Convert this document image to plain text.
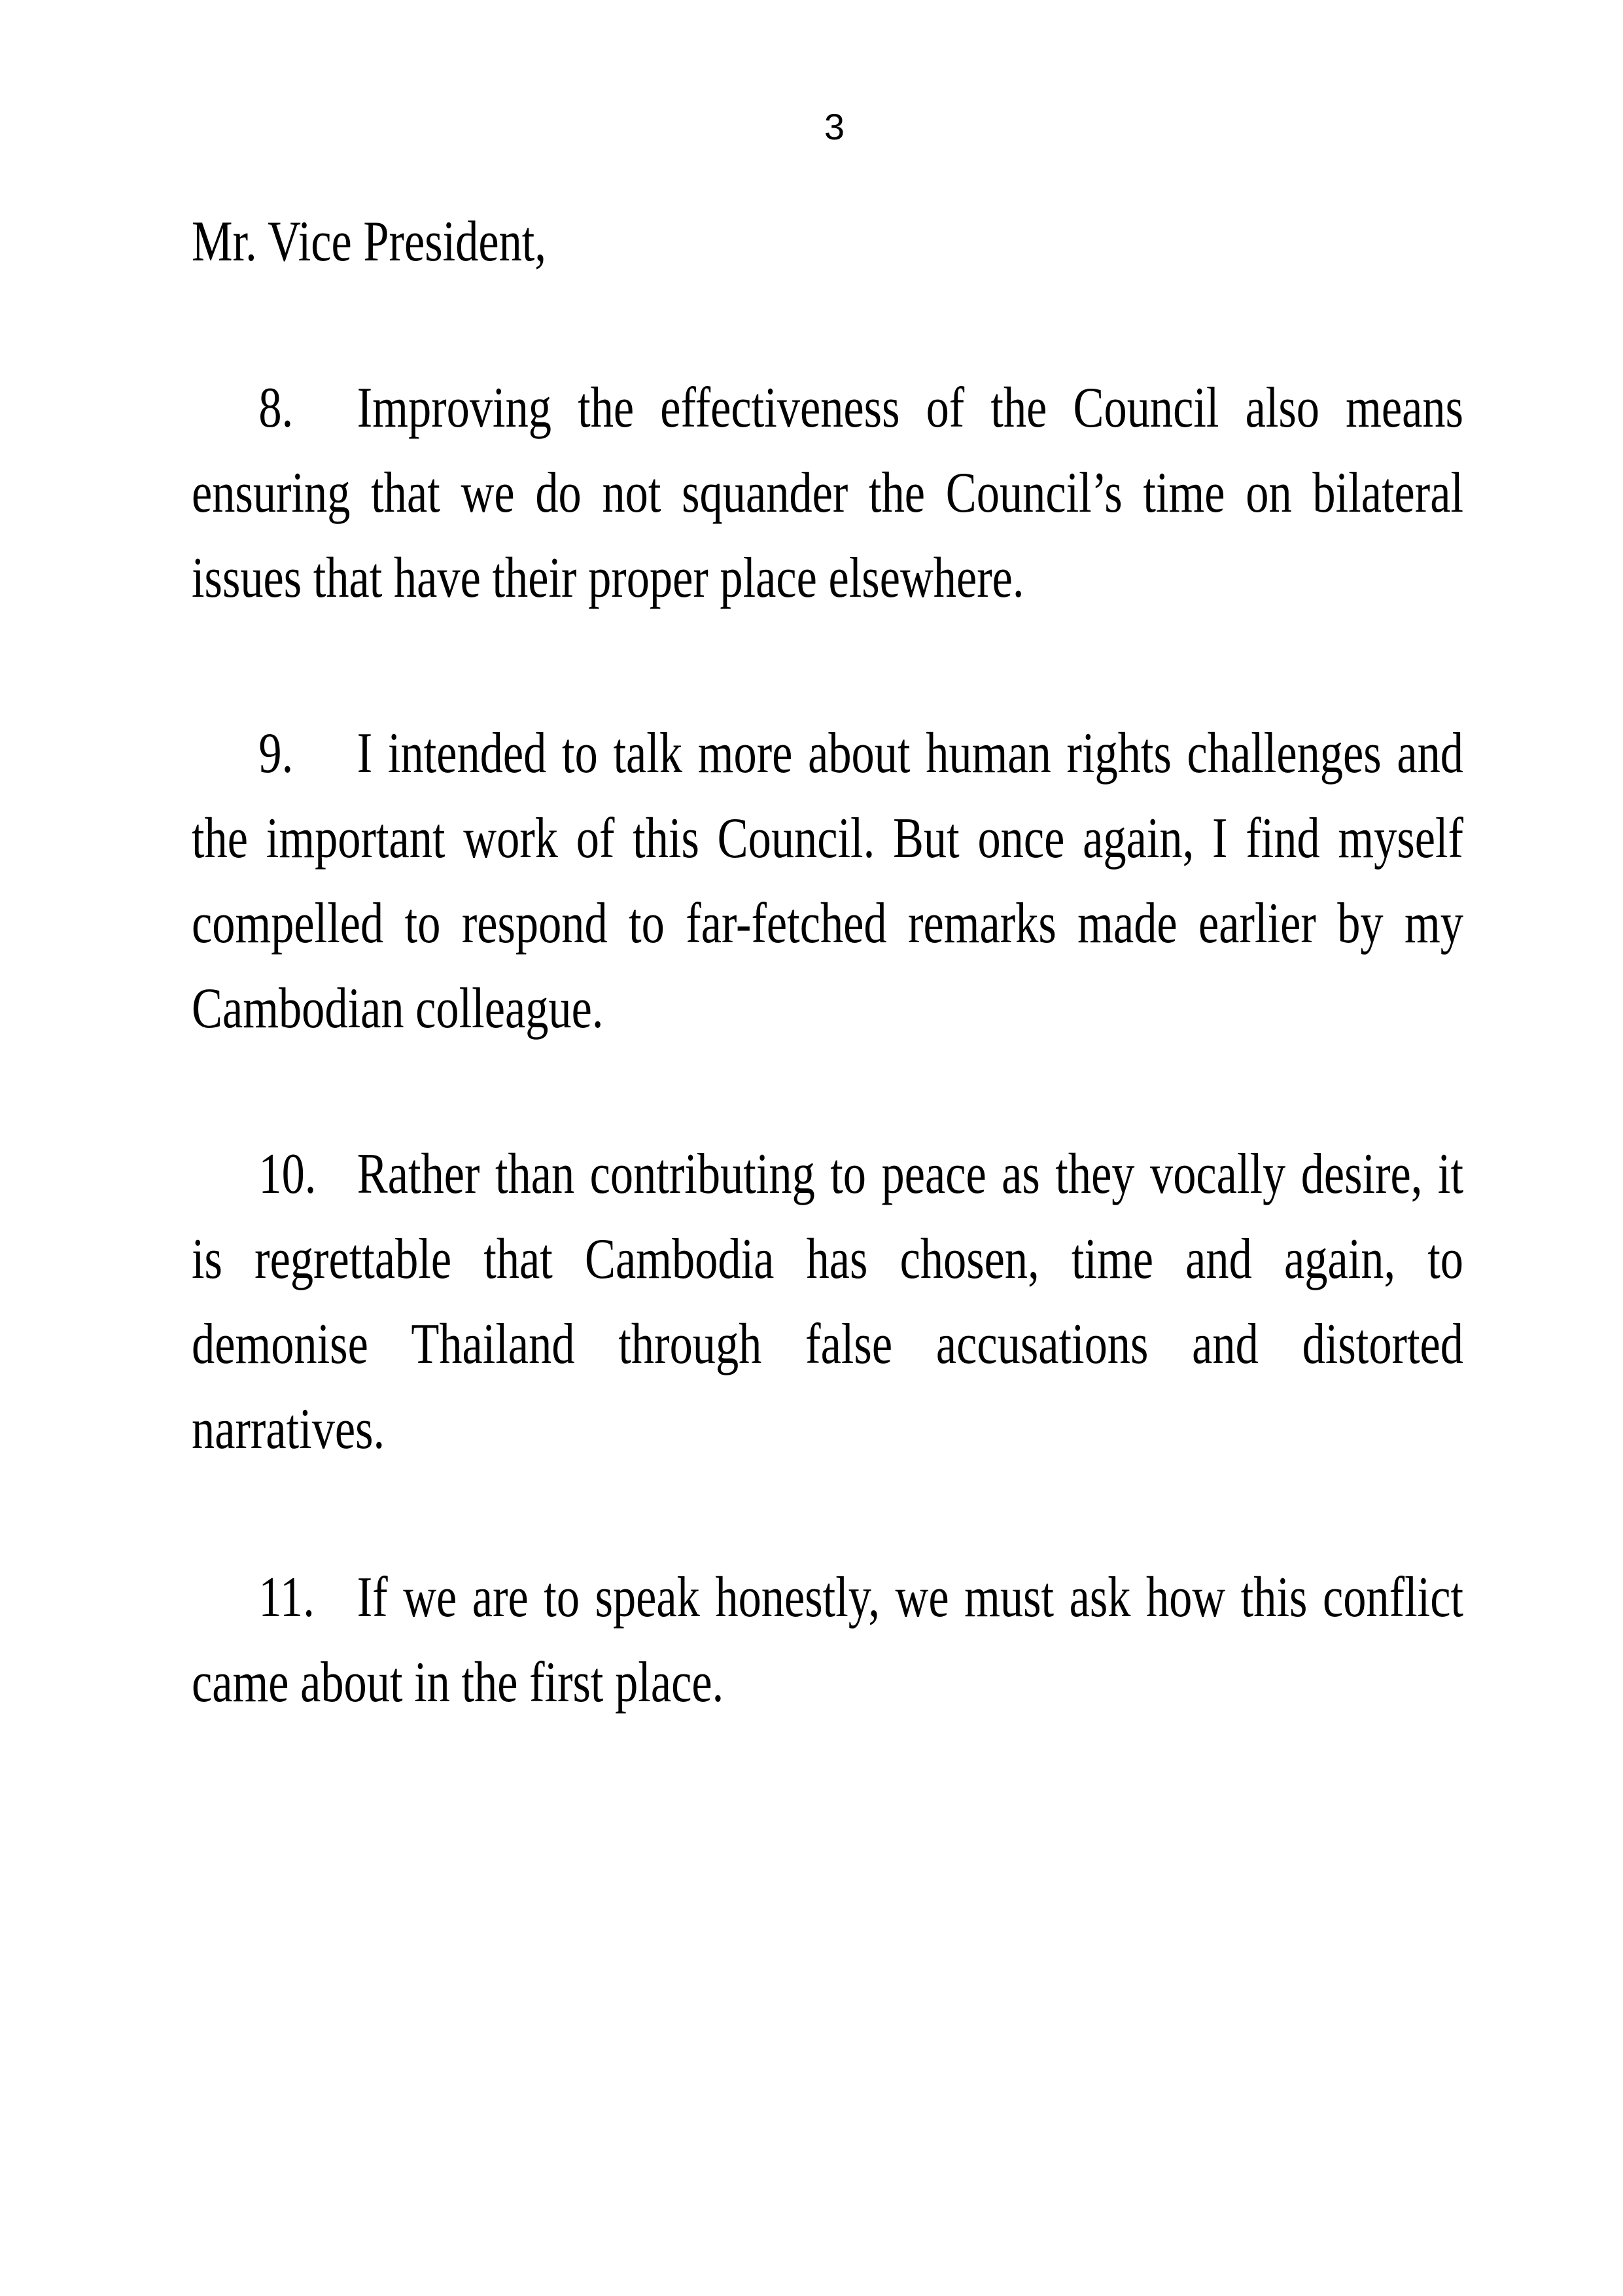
3

Mr. Vice President,

8. Improving the effectiveness of the Council also means ensuring that we do not squander the Council’s time on bilateral issues that have their proper place elsewhere.

9. I intended to talk more about human rights challenges and the important work of this Council. But once again, I find myself compelled to respond to far-fetched remarks made earlier by my Cambodian colleague.

10. Rather than contributing to peace as they vocally desire, it is regrettable that Cambodia has chosen, time and again, to demonise Thailand through false accusations and distorted narratives.

11. If we are to speak honestly, we must ask how this conflict came about in the first place.
